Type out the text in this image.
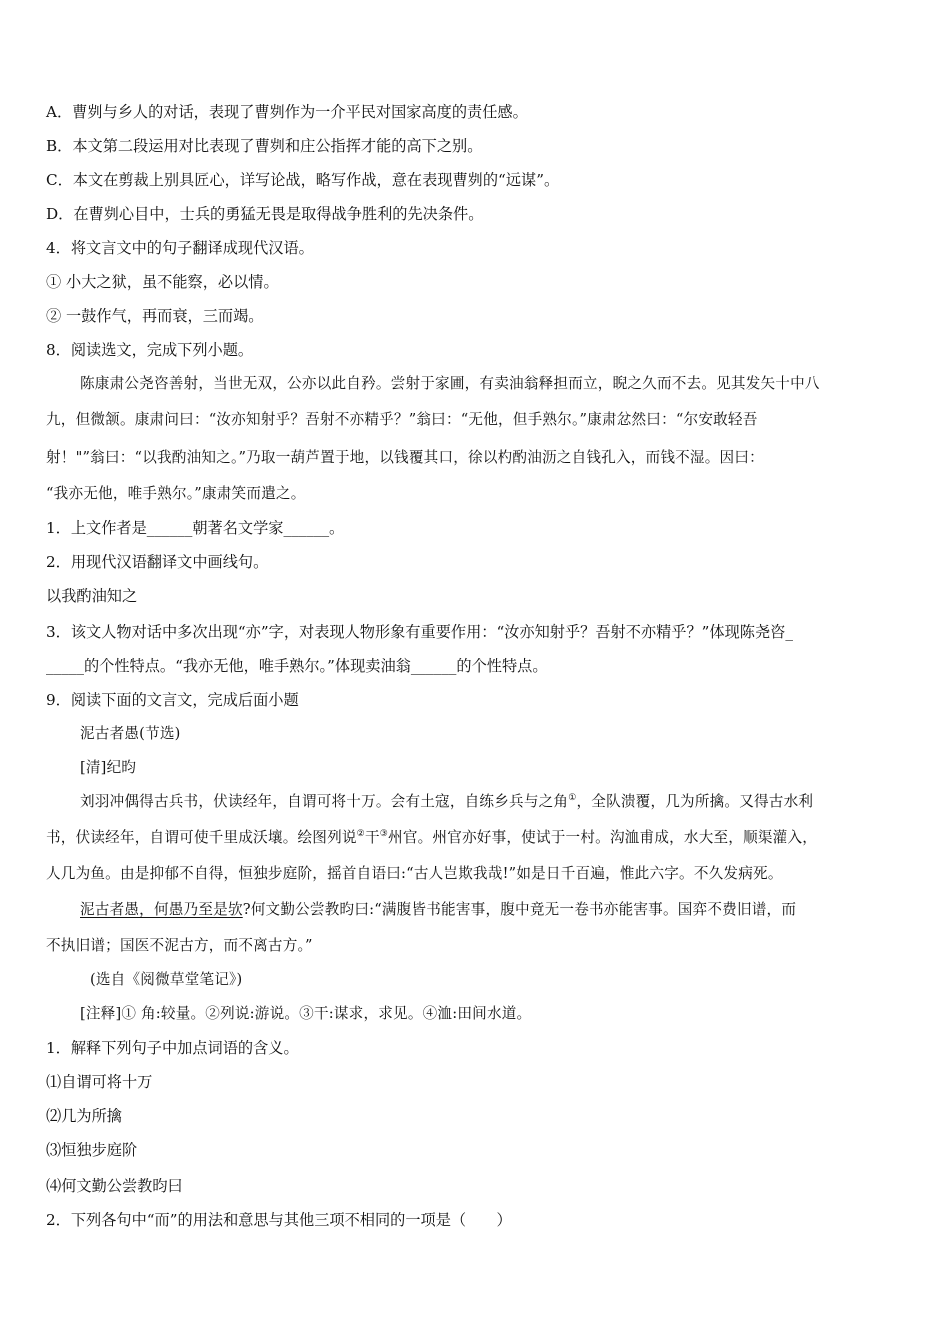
A．曹刿与乡人的对话，表现了曹刿作为一介平民对国家高度的责任感。
B．本文第二段运用对比表现了曹刿和庄公指挥才能的高下之别。
C．本文在剪裁上别具匠心，详写论战，略写作战，意在表现曹刿的“远谋”。
D．在曹刿心目中，士兵的勇猛无畏是取得战争胜利的先决条件。
4．将文言文中的句子翻译成现代汉语。
① 小大之狱，虽不能察，必以情。
② 一鼓作气，再而衰，三而竭。
8．阅读选文，完成下列小题。
陈康肃公尧咨善射，当世无双，公亦以此自矜。尝射于家圃，有卖油翁释担而立，睨之久而不去。见其发矢十中八
九，但微颔。康肃问曰：“汝亦知射乎？吾射不亦精乎？”翁曰：“无他，但手熟尔。”康肃忿然曰：“尔安敢轻吾
射！"”翁曰：“以我酌油知之。”乃取一葫芦置于地，以钱覆其口，徐以杓酌油沥之自钱孔入，而钱不湿。因曰：
“我亦无他，唯手熟尔。”康肃笑而遣之。
1．上文作者是______朝著名文学家______。
2．用现代汉语翻译文中画线句。
以我酌油知之
3．该文人物对话中多次出现“亦”字，对表现人物形象有重要作用：“汝亦知射乎？吾射不亦精乎？”体现陈尧咨_
_____的个性特点。“我亦无他，唯手熟尔。”体现卖油翁______的个性特点。
9．阅读下面的文言文，完成后面小题
泥古者愚(节选)
[清]纪昀
刘羽冲偶得古兵书，伏读经年，自谓可将十万。会有土寇，自练乡兵与之角①，全队溃覆，几为所擒。又得古水利
书，伏读经年，自谓可使千里成沃壤。绘图列说②干③州官。州官亦好事，使试于一村。沟洫甫成，水大至，顺渠灌入，
人几为鱼。由是抑郁不自得，恒独步庭阶，摇首自语曰:“古人岂欺我哉!”如是日千百遍，惟此六字。不久发病死。
泥古者愚，何愚乃至是欤?何文勤公尝教昀曰:“满腹皆书能害事，腹中竟无一卷书亦能害事。国弈不费旧谱，而
不执旧谱；国医不泥古方，而不离古方。”
(选自《阅微草堂笔记》)
[注释]① 角:较量。②列说:游说。③干:谋求，求见。④洫:田间水道。
1．解释下列句子中加点词语的含义。
⑴自谓可将十万
⑵几为所擒
⑶恒独步庭阶
⑷何文勤公尝教昀曰
2．下列各句中“而”的用法和意思与其他三项不相同的一项是（　　）
